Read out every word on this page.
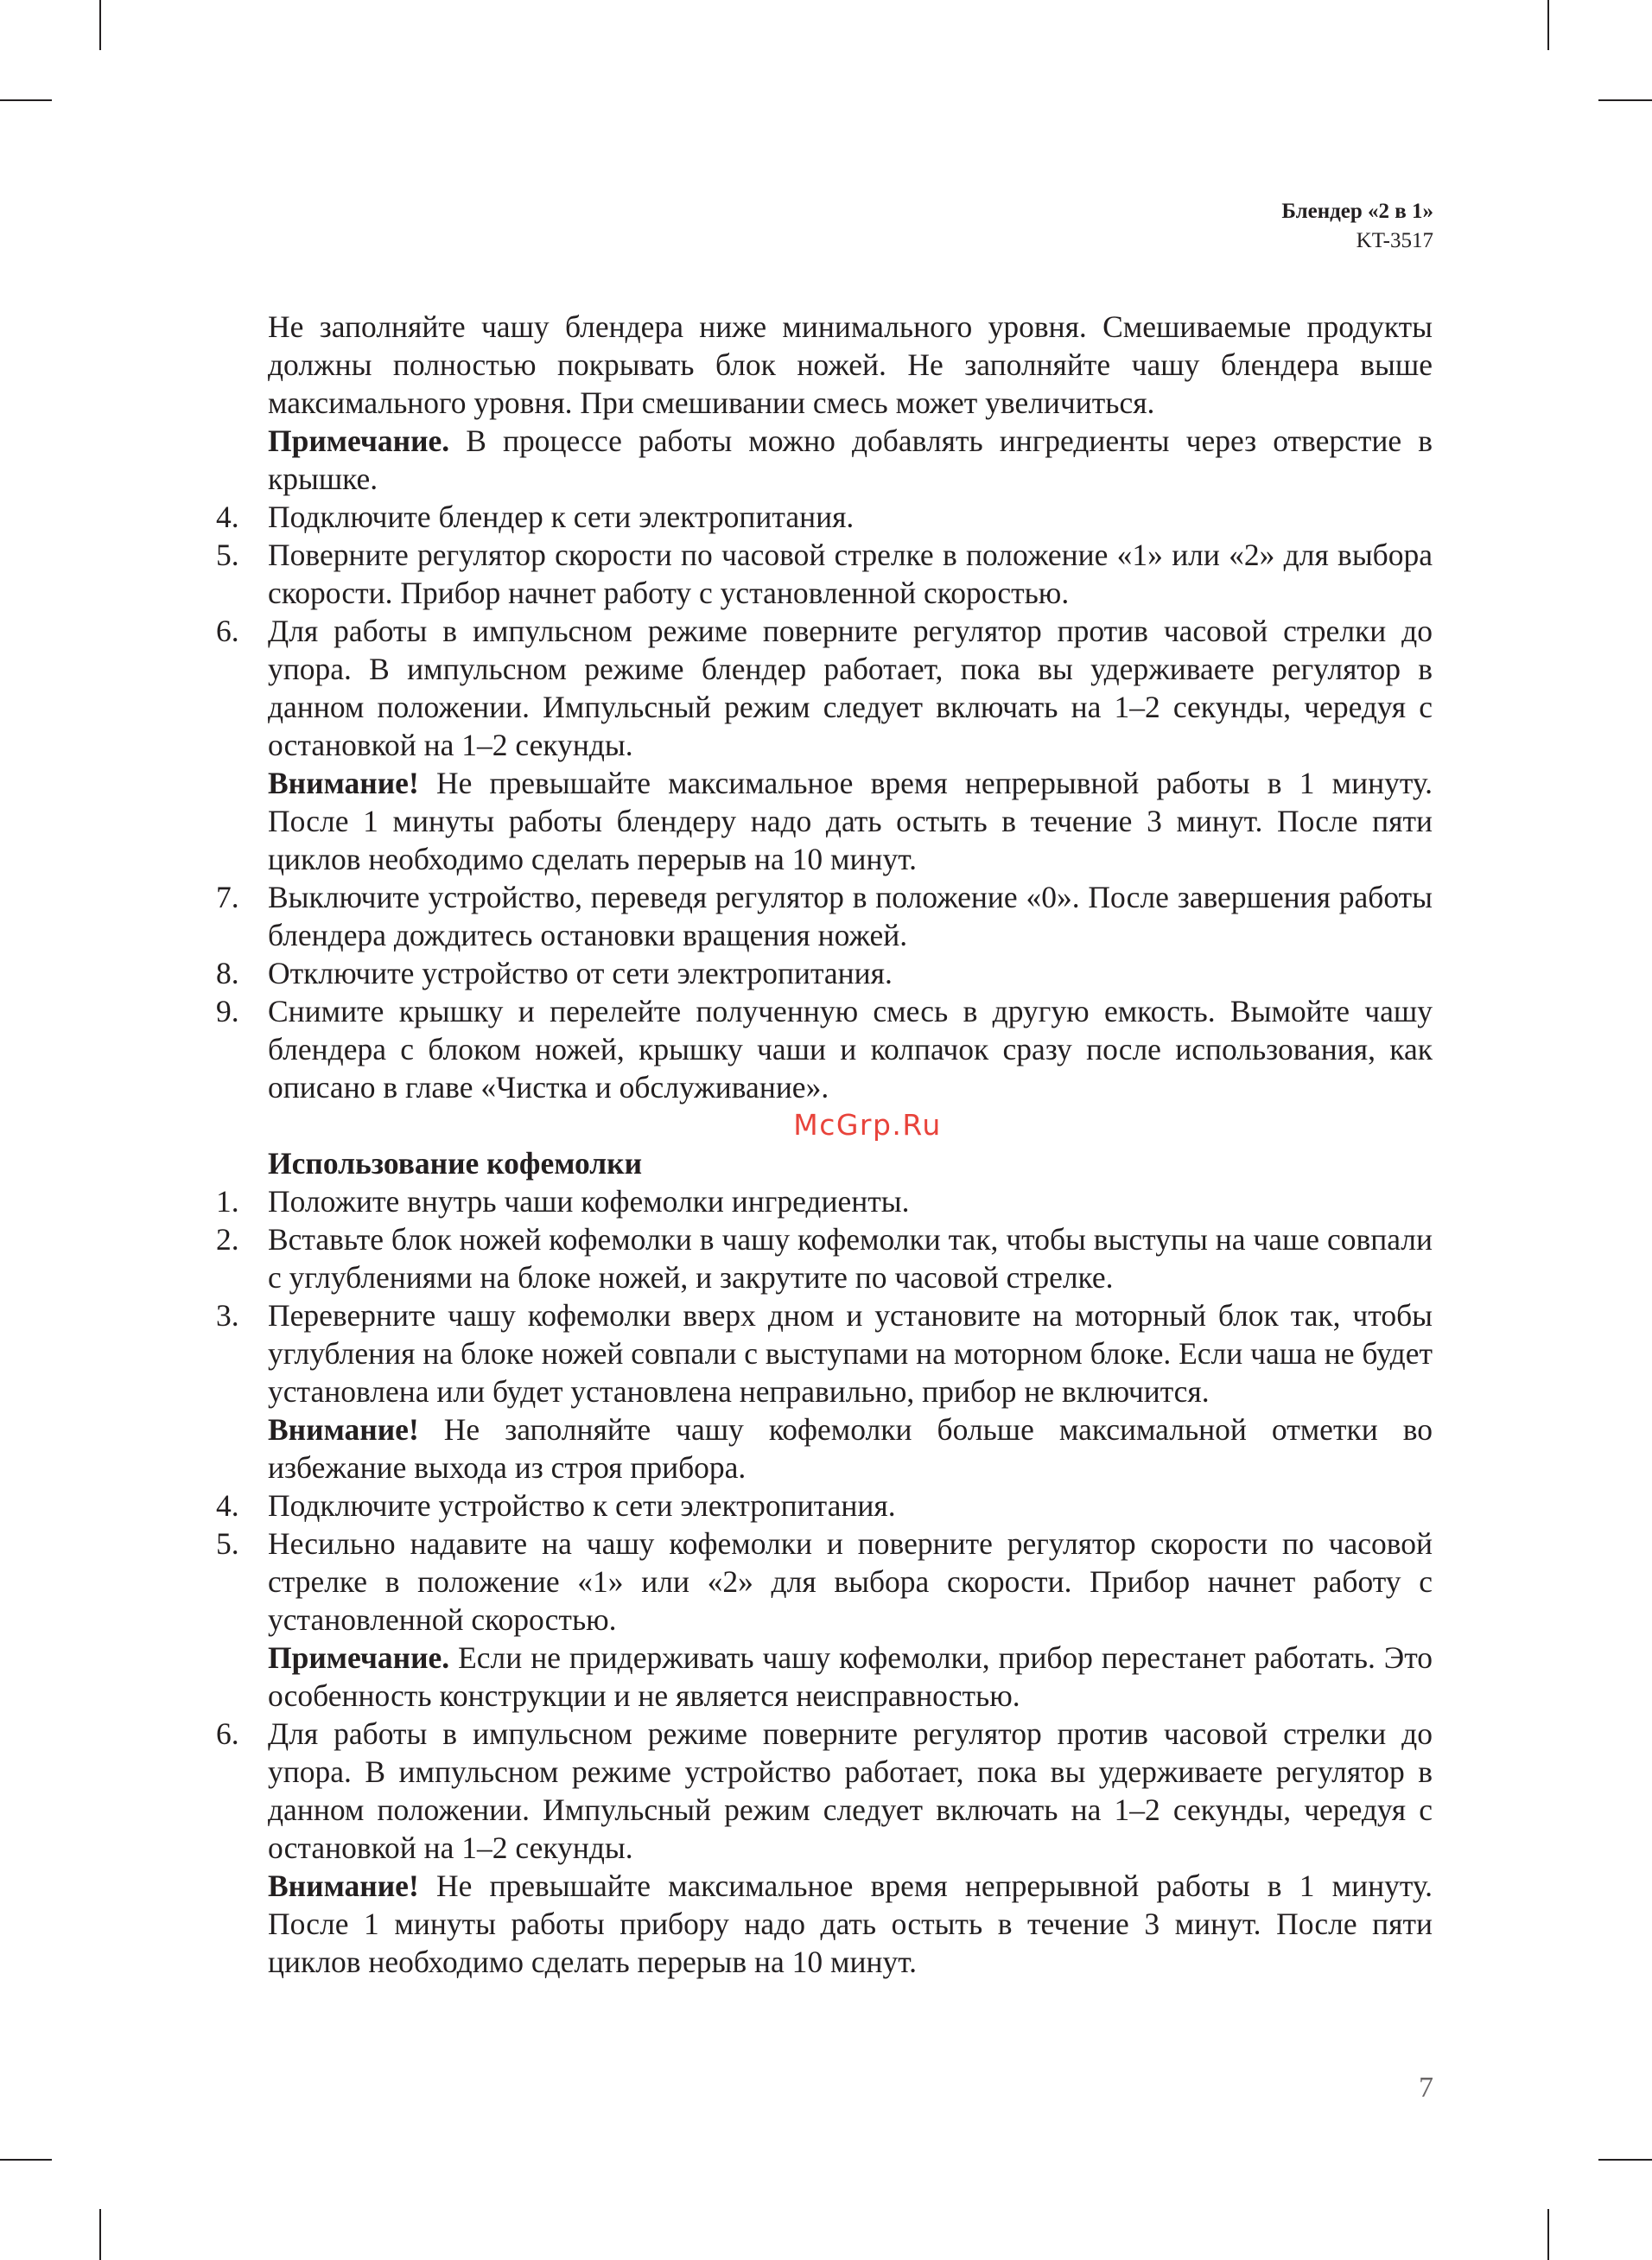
Блендер «2 в 1»
KT-3517

Не заполняйте чашу блендера ниже минимального уровня. Смешиваемые продукты должны полностью покрывать блок ножей. Не заполняйте чашу блендера выше максимального уровня. При смешивании смесь может увеличиться.
Примечание. В процессе работы можно добавлять ингредиенты через отверстие в крышке.

4. Подключите блендер к сети электропитания.
5. Поверните регулятор скорости по часовой стрелке в положение «1» или «2» для выбора скорости. Прибор начнет работу с установленной скоростью.
6. Для работы в импульсном режиме поверните регулятор против часовой стрелки до упора. В импульсном режиме блендер работает, пока вы удерживаете регулятор в данном положении. Импульсный режим следует включать на 1–2 секунды, чередуя с остановкой на 1–2 секунды.

Внимание! Не превышайте максимальное время непрерывной работы в 1 минуту. После 1 минуты работы блендеру надо дать остыть в течение 3 минут. После пяти циклов необходимо сделать перерыв на 10 минут.

7. Выключите устройство, переведя регулятор в положение «0». После завершения работы блендера дождитесь остановки вращения ножей.
8. Отключите устройство от сети электропитания.
9. Снимите крышку и перелейте полученную смесь в другую емкость. Вымойте чашу блендера с блоком ножей, крышку чаши и колпачок сразу после использования, как описано в главе «Чистка и обслуживание».
McGrp.Ru

Использование кофемолки

1. Положите внутрь чаши кофемолки ингредиенты.
2. Вставьте блок ножей кофемолки в чашу кофемолки так, чтобы выступы на чаше совпали с углублениями на блоке ножей, и закрутите по часовой стрелке.
3. Переверните чашу кофемолки вверх дном и установите на моторный блок так, чтобы углубления на блоке ножей совпали с выступами на моторном блоке. Если чаша не будет установлена или будет установлена неправильно, прибор не включится.

Внимание! Не заполняйте чашу кофемолки больше максимальной отметки во избежание выхода из строя прибора.

4. Подключите устройство к сети электропитания.
5. Несильно надавите на чашу кофемолки и поверните регулятор скорости по часовой стрелке в положение «1» или «2» для выбора скорости. Прибор начнет работу с установленной скоростью.

Примечание. Если не придерживать чашу кофемолки, прибор перестанет работать. Это особенность конструкции и не является неисправностью.

6. Для работы в импульсном режиме поверните регулятор против часовой стрелки до упора. В импульсном режиме устройство работает, пока вы удерживаете регулятор в данном положении. Импульсный режим следует включать на 1–2 секунды, чередуя с остановкой на 1–2 секунды.

Внимание! Не превышайте максимальное время непрерывной работы в 1 минуту. После 1 минуты работы прибору надо дать остыть в течение 3 минут. После пяти циклов необходимо сделать перерыв на 10 минут.

7
